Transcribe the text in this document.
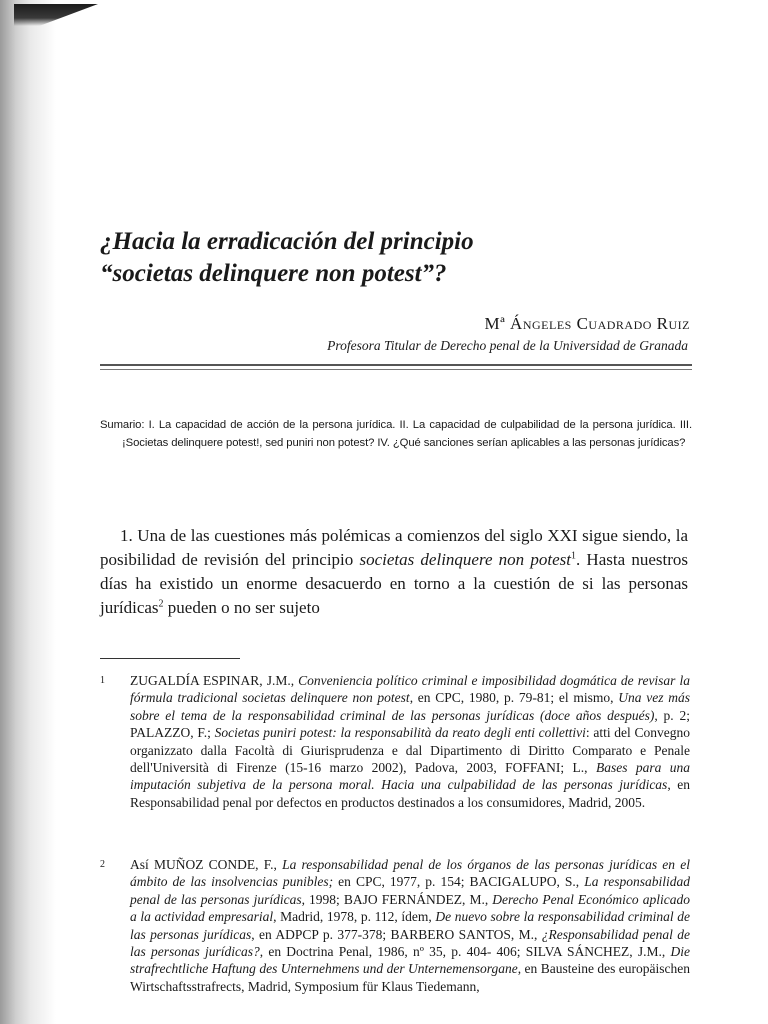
¿Hacia la erradicación del principio
“societas delinquere non potest”?
Mª Ángeles Cuadrado Ruiz
Profesora Titular de Derecho penal de la Universidad de Granada

Sumario: I. La capacidad de acción de la persona jurídica. II. La capacidad de culpabilidad de la persona jurídica. III. ¡Societas delinquere potest!, sed puniri non potest? IV. ¿Qué sanciones serían aplicables a las personas jurídicas?

1. Una de las cuestiones más polémicas a comienzos del siglo XXI sigue siendo, la posibilidad de revisión del principio societas delinquere non potest$^1$. Hasta nuestros días ha existido un enorme desacuerdo en torno a la cuestión de si las personas jurídicas$^2$ pueden o no ser sujeto

1 ZUGALDÍA ESPINAR, J.M., Conveniencia político criminal e imposibilidad dogmática de revisar la fórmula tradicional societas delinquere non potest, en CPC, 1980, p. 79-81; el mismo, Una vez más sobre el tema de la responsabilidad criminal de las personas jurídicas (doce años después), p. 2; PALAZZO, F.; Societas puniri potest: la responsabilità da reato degli enti collettivi: atti del Convegno organizzato dalla Facoltà di Giurisprudenza e dal Dipartimento di Diritto Comparato e Penale dell'Università di Firenze (15-16 marzo 2002), Padova, 2003, FOFFANI; L., Bases para una imputación subjetiva de la persona moral. Hacia una culpabilidad de las personas jurídicas, en Responsabilidad penal por defectos en productos destinados a los consumidores, Madrid, 2005.
2 Así MUÑOZ CONDE, F., La responsabilidad penal de los órganos de las personas jurídicas en el ámbito de las insolvencias punibles; en CPC, 1977, p. 154; BACIGALUPO, S., La responsabilidad penal de las personas jurídicas, 1998; BAJO FERNÁNDEZ, M., Derecho Penal Económico aplicado a la actividad empresarial, Madrid, 1978, p. 112, ídem, De nuevo sobre la responsabilidad criminal de las personas jurídicas, en ADPCP p. 377-378; BARBERO SANTOS, M., ¿Responsabilidad penal de las personas jurídicas?, en Doctrina Penal, 1986, nº 35, p. 404- 406; SILVA SÁNCHEZ, J.M., Die strafrechtliche Haftung des Unternehmens und der Unternemensorgane, en Bausteine des europäischen Wirtschaftsstrafrects, Madrid, Symposium für Klaus Tiedemann,
